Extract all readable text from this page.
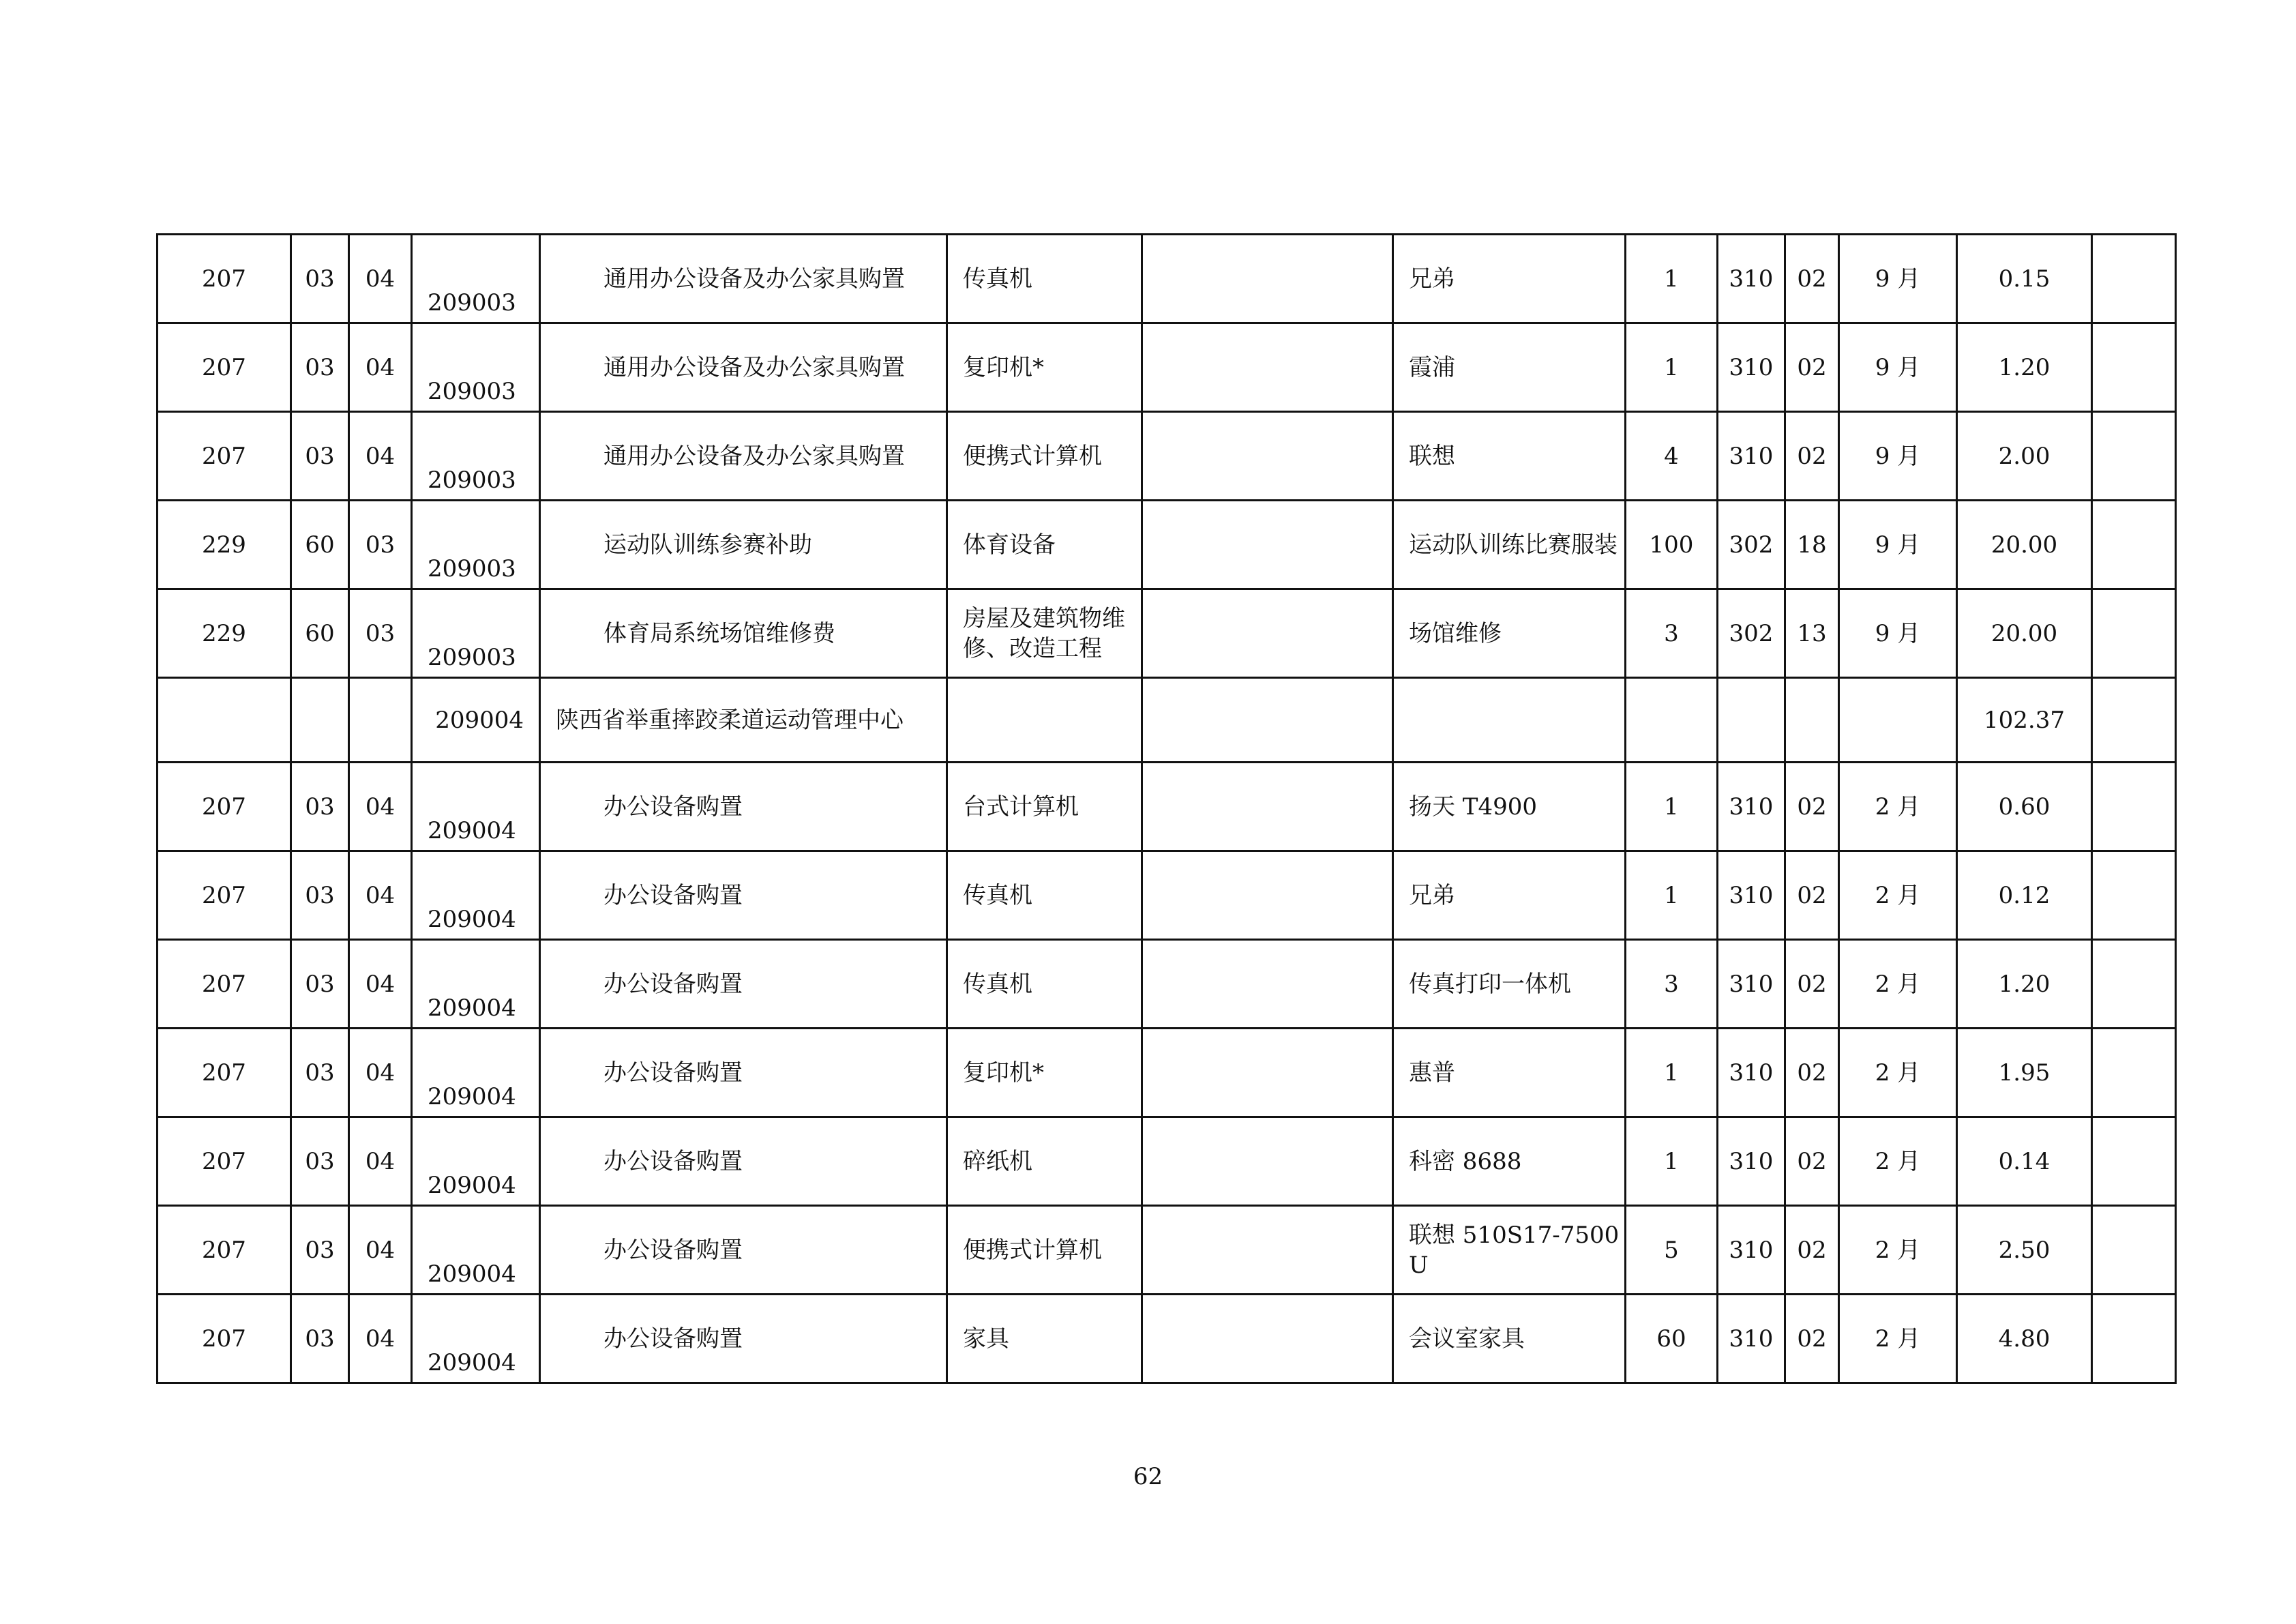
207	03	04	209003	通用办公设备及办公家具购置	传真机		兄弟	1	310	02	9 月	0.15	
207	03	04	209003	通用办公设备及办公家具购置	复印机*		霞浦	1	310	02	9 月	1.20	
207	03	04	209003	通用办公设备及办公家具购置	便携式计算机		联想	4	310	02	9 月	2.00	
229	60	03	209003	运动队训练参赛补助	体育设备		运动队训练比赛服装	100	302	18	9 月	20.00	
229	60	03	209003	体育局系统场馆维修费	房屋及建筑物维修、改造工程		场馆维修	3	302	13	9 月	20.00	
			209004	陕西省举重摔跤柔道运动管理中心								102.37	
207	03	04	209004	办公设备购置	台式计算机		扬天 T4900	1	310	02	2 月	0.60	
207	03	04	209004	办公设备购置	传真机		兄弟	1	310	02	2 月	0.12	
207	03	04	209004	办公设备购置	传真机		传真打印一体机	3	310	02	2 月	1.20	
207	03	04	209004	办公设备购置	复印机*		惠普	1	310	02	2 月	1.95	
207	03	04	209004	办公设备购置	碎纸机		科密 8688	1	310	02	2 月	0.14	
207	03	04	209004	办公设备购置	便携式计算机		联想 510S17-7500U	5	310	02	2 月	2.50	
207	03	04	209004	办公设备购置	家具		会议室家具	60	310	02	2 月	4.80	
62
